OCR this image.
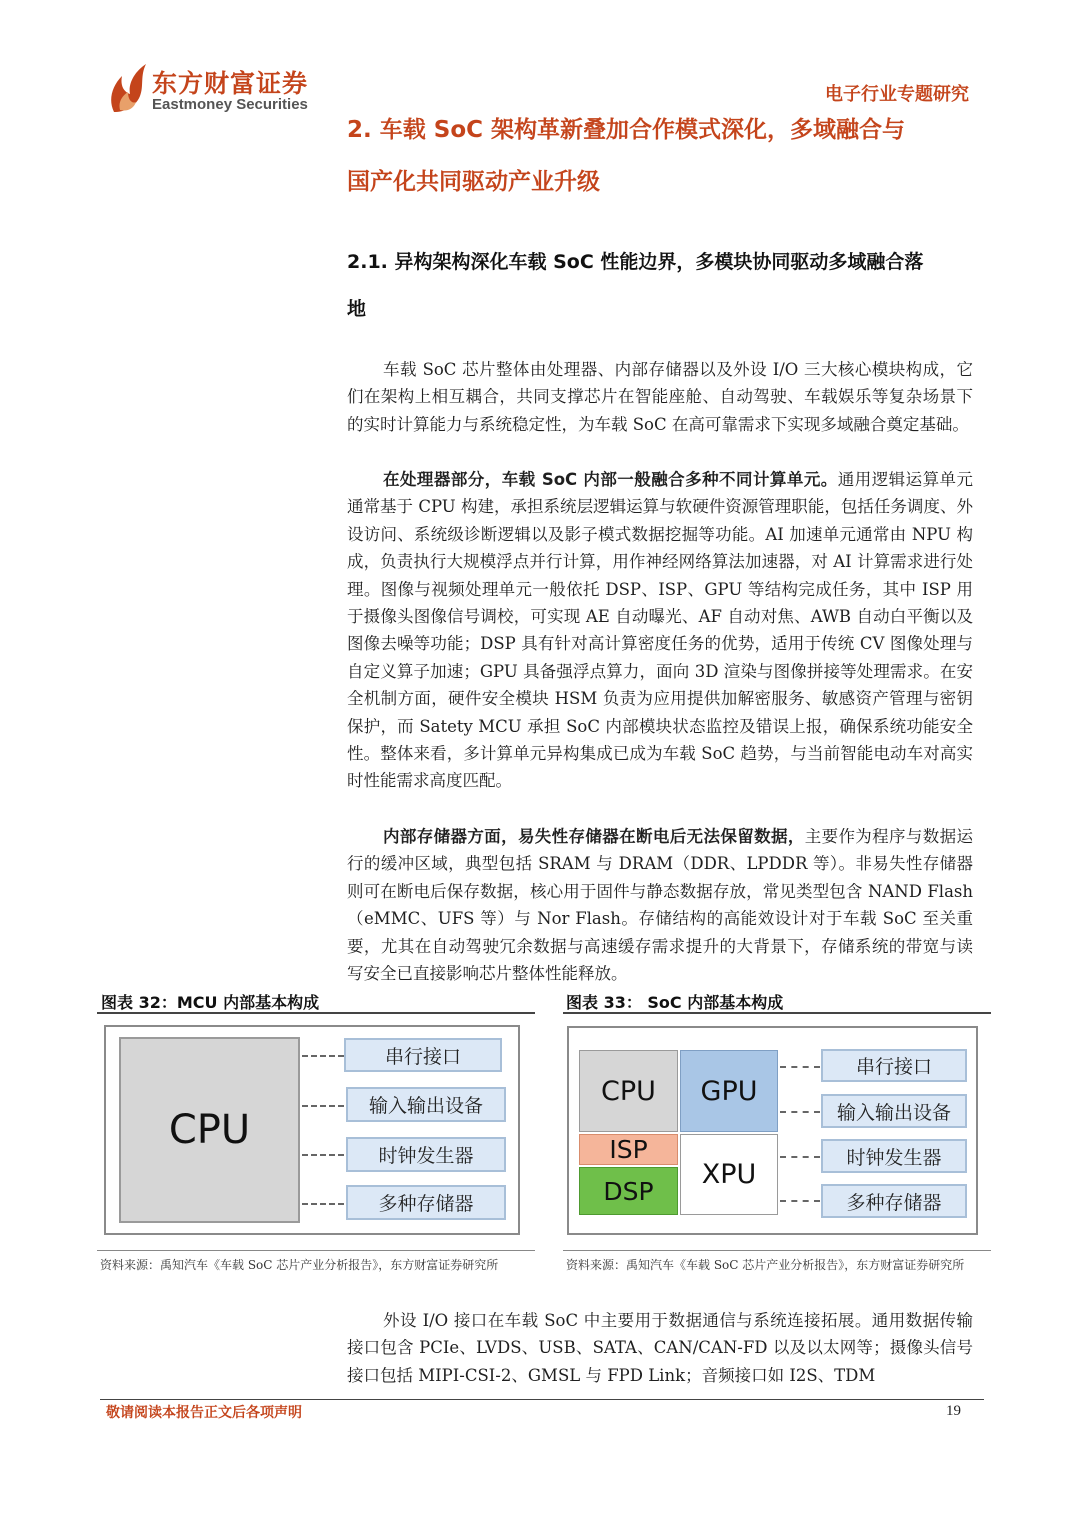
东方财富证券
Eastmoney Securities	电子行业专题研究
2. 车载 SoC 架构革新叠加合作模式深化，多域融合与
国产化共同驱动产业升级
2.1. 异构架构深化车载 SoC 性能边界，多模块协同驱动多域融合落
地
车载 SoC 芯片整体由处理器、内部存储器以及外设 I/O 三大核心模块构成，它们在架构上相互耦合，共同支撑芯片在智能座舱、自动驾驶、车载娱乐等复杂场景下的实时计算能力与系统稳定性，为车载 SoC 在高可靠需求下实现多域融合奠定基础。
在处理器部分，车载 SoC 内部一般融合多种不同计算单元。通用逻辑运算单元通常基于 CPU 构建，承担系统层逻辑运算与软硬件资源管理职能，包括任务调度、外设访问、系统级诊断逻辑以及影子模式数据挖掘等功能。AI 加速单元通常由 NPU 构成，负责执行大规模浮点并行计算，用作神经网络算法加速器，对 AI 计算需求进行处理。图像与视频处理单元一般依托 DSP、ISP、GPU 等结构完成任务，其中 ISP 用于摄像头图像信号调校，可实现 AE 自动曝光、AF 自动对焦、AWB 自动白平衡以及图像去噪等功能；DSP 具有针对高计算密度任务的优势，适用于传统 CV 图像处理与自定义算子加速；GPU 具备强浮点算力，面向 3D 渲染与图像拼接等处理需求。在安全机制方面，硬件安全模块 HSM 负责为应用提供加解密服务、敏感资产管理与密钥保护，而 Satety MCU 承担 SoC 内部模块状态监控及错误上报，确保系统功能安全性。整体来看，多计算单元异构集成已成为车载 SoC 趋势，与当前智能电动车对高实时性能需求高度匹配。
内部存储器方面，易失性存储器在断电后无法保留数据，主要作为程序与数据运行的缓冲区域，典型包括 SRAM 与 DRAM（DDR、LPDDR 等）。非易失性存储器则可在断电后保存数据，核心用于固件与静态数据存放，常见类型包含 NAND Flash（eMMC、UFS 等）与 Nor Flash。存储结构的高能效设计对于车载 SoC 至关重要，尤其在自动驾驶冗余数据与高速缓存需求提升的大背景下，存储系统的带宽与读写安全已直接影响芯片整体性能释放。
图表 32：MCU 内部基本构成
CPU
串行接口
输入输出设备
时钟发生器
多种存储器
资料来源：禹知汽车《车载 SoC 芯片产业分析报告》，东方财富证券研究所
图表 33： SoC 内部基本构成
CPU	GPU
ISP
DSP
XPU
串行接口
输入输出设备
时钟发生器
多种存储器
资料来源：禹知汽车《车载 SoC 芯片产业分析报告》，东方财富证券研究所
外设 I/O 接口在车载 SoC 中主要用于数据通信与系统连接拓展。通用数据传输接口包含 PCIe、LVDS、USB、SATA、CAN/CAN-FD 以及以太网等；摄像头信号接口包括 MIPI-CSI-2、GMSL 与 FPD Link；音频接口如 I2S、TDM
敬请阅读本报告正文后各项声明	19
